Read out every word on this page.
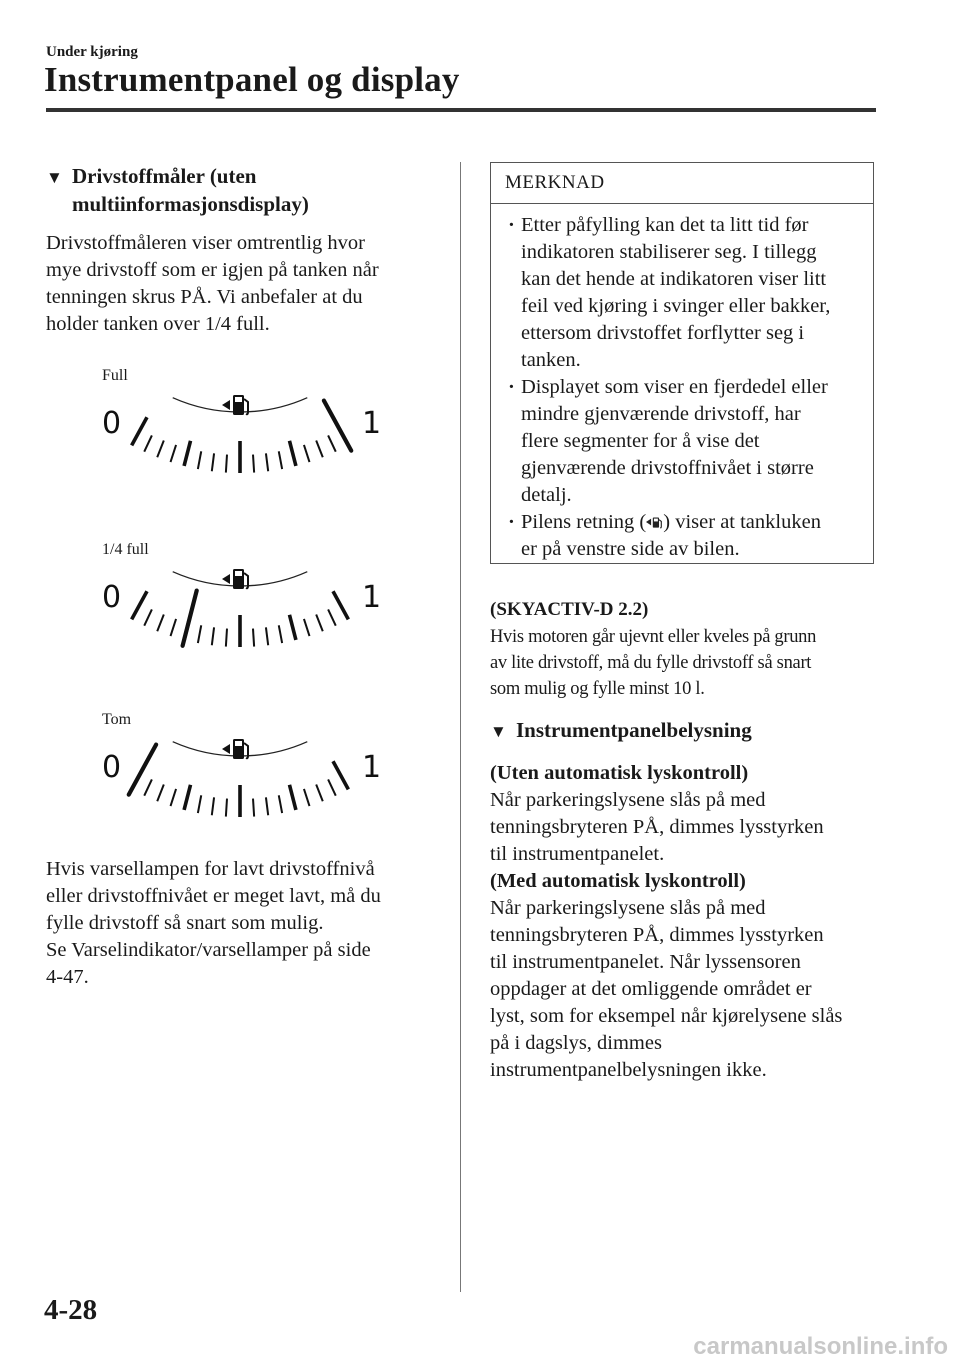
Under kjøring
Instrumentpanel og display
▼ Drivstoffmåler (uten
multiinformasjonsdisplay)
Drivstoffmåleren viser omtrentlig hvor
mye drivstoff som er igjen på tanken når
tenningen skrus PÅ. Vi anbefaler at du
holder tanken over 1/4 full.
Full
0	1
1/4 full
0	1
Tom
0	1
Hvis varsellampen for lavt drivstoffnivå
eller drivstoffnivået er meget lavt, må du
fylle drivstoff så snart som mulig.
Se Varselindikator/varsellamper på side
4-47.
MERKNAD
· Etter påfylling kan det ta litt tid før
indikatoren stabiliserer seg. I tillegg
kan det hende at indikatoren viser litt
feil ved kjøring i svinger eller bakker,
ettersom drivstoffet forflytter seg i
tanken.
· Displayet som viser en fjerdedel eller
mindre gjenværende drivstoff, har
flere segmenter for å vise det
gjenværende drivstoffnivået i større
detalj.
· Pilens retning ( ) viser at tankluken
er på venstre side av bilen.
(SKYACTIV-D 2.2)
Hvis motoren går ujevnt eller kveles på grunn
av lite drivstoff, må du fylle drivstoff så snart
som mulig og fylle minst 10 l.
▼ Instrumentpanelbelysning
(Uten automatisk lyskontroll)
Når parkeringslysene slås på med
tenningsbryteren PÅ, dimmes lysstyrken
til instrumentpanelet.
(Med automatisk lyskontroll)
Når parkeringslysene slås på med
tenningsbryteren PÅ, dimmes lysstyrken
til instrumentpanelet. Når lyssensoren
oppdager at det omliggende området er
lyst, som for eksempel når kjørelysene slås
på i dagslys, dimmes
instrumentpanelbelysningen ikke.
4-28
carmanualsonline.info
